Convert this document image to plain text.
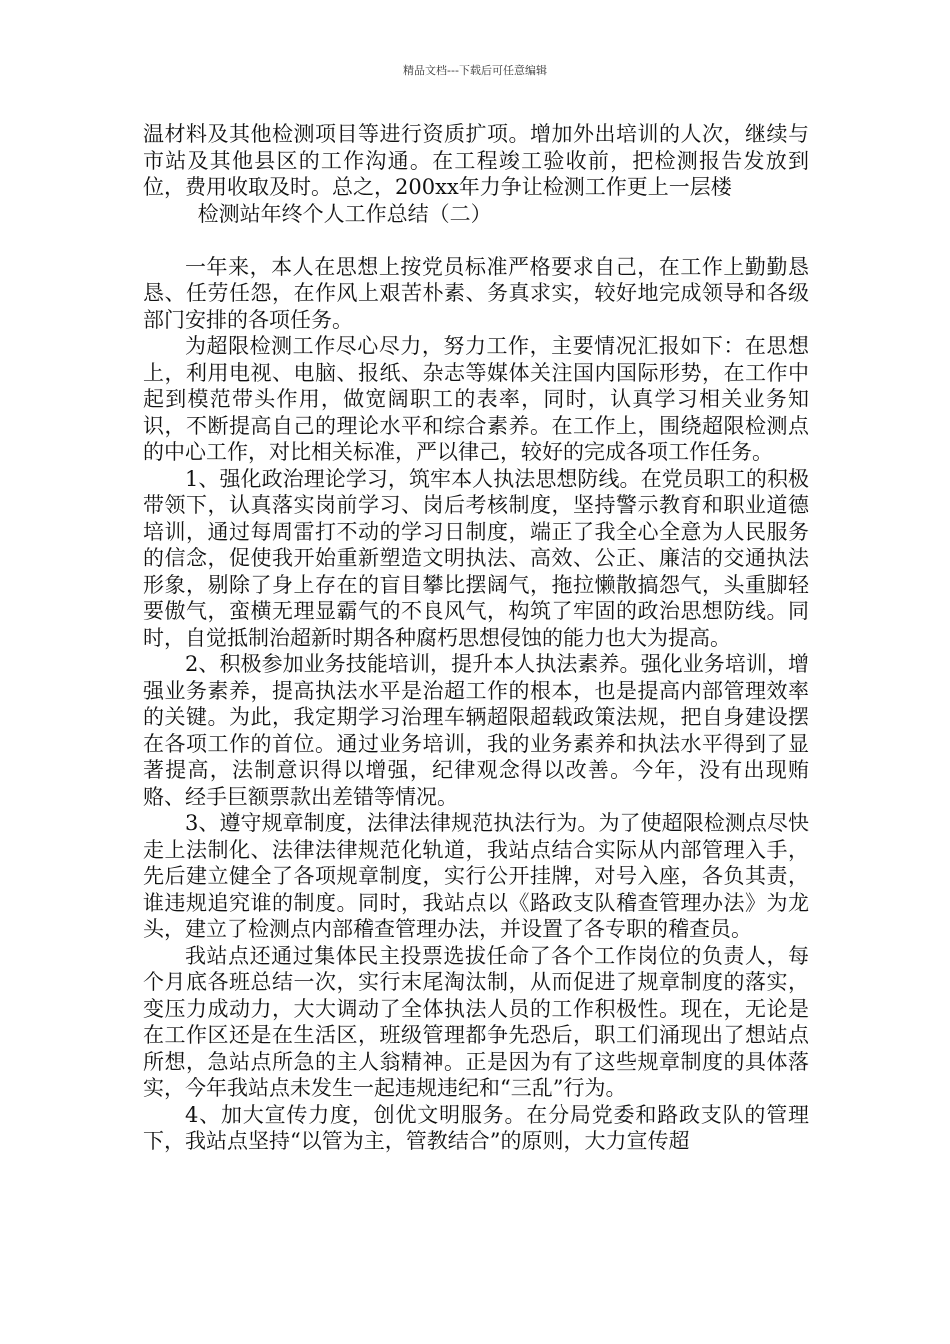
精品文档---下载后可任意编辑

温材料及其他检测项目等进行资质扩项。增加外出培训的人次，继续与市站及其他县区的工作沟通。在工程竣工验收前，把检测报告发放到位，费用收取及时。总之，200xx年力争让检测工作更上一层楼

检测站年终个人工作总结（二）

一年来，本人在思想上按党员标准严格要求自己，在工作上勤勤恳恳、任劳任怨，在作风上艰苦朴素、务真求实，较好地完成领导和各级部门安排的各项任务。

为超限检测工作尽心尽力，努力工作，主要情况汇报如下：在思想上，利用电视、电脑、报纸、杂志等媒体关注国内国际形势，在工作中起到模范带头作用，做宽阔职工的表率，同时，认真学习相关业务知识，不断提高自己的理论水平和综合素养。在工作上，围绕超限检测点的中心工作，对比相关标准，严以律己，较好的完成各项工作任务。

1、强化政治理论学习，筑牢本人执法思想防线。在党员职工的积极带领下，认真落实岗前学习、岗后考核制度，坚持警示教育和职业道德培训，通过每周雷打不动的学习日制度，端正了我全心全意为人民服务的信念，促使我开始重新塑造文明执法、高效、公正、廉洁的交通执法形象，剔除了身上存在的盲目攀比摆阔气，拖拉懒散搞怨气，头重脚轻要傲气，蛮横无理显霸气的不良风气，构筑了牢固的政治思想防线。同时，自觉抵制治超新时期各种腐朽思想侵蚀的能力也大为提高。

2、积极参加业务技能培训，提升本人执法素养。强化业务培训，增强业务素养，提高执法水平是治超工作的根本，也是提高内部管理效率的关键。为此，我定期学习治理车辆超限超载政策法规，把自身建设摆在各项工作的首位。通过业务培训，我的业务素养和执法水平得到了显著提高，法制意识得以增强，纪律观念得以改善。今年，没有出现贿赂、经手巨额票款出差错等情况。

3、遵守规章制度，法律法律规范执法行为。为了使超限检测点尽快走上法制化、法律法律规范化轨道，我站点结合实际从内部管理入手，先后建立健全了各项规章制度，实行公开挂牌，对号入座，各负其责，谁违规追究谁的制度。同时，我站点以《路政支队稽查管理办法》为龙头，建立了检测点内部稽查管理办法，并设置了各专职的稽查员。

我站点还通过集体民主投票选拔任命了各个工作岗位的负责人，每个月底各班总结一次，实行末尾淘汰制，从而促进了规章制度的落实，变压力成动力，大大调动了全体执法人员的工作积极性。现在，无论是在工作区还是在生活区，班级管理都争先恐后，职工们涌现出了想站点所想，急站点所急的主人翁精神。正是因为有了这些规章制度的具体落实，今年我站点未发生一起违规违纪和“三乱”行为。

4、加大宣传力度，创优文明服务。在分局党委和路政支队的管理下，我站点坚持“以管为主，管教结合”的原则，大力宣传超
